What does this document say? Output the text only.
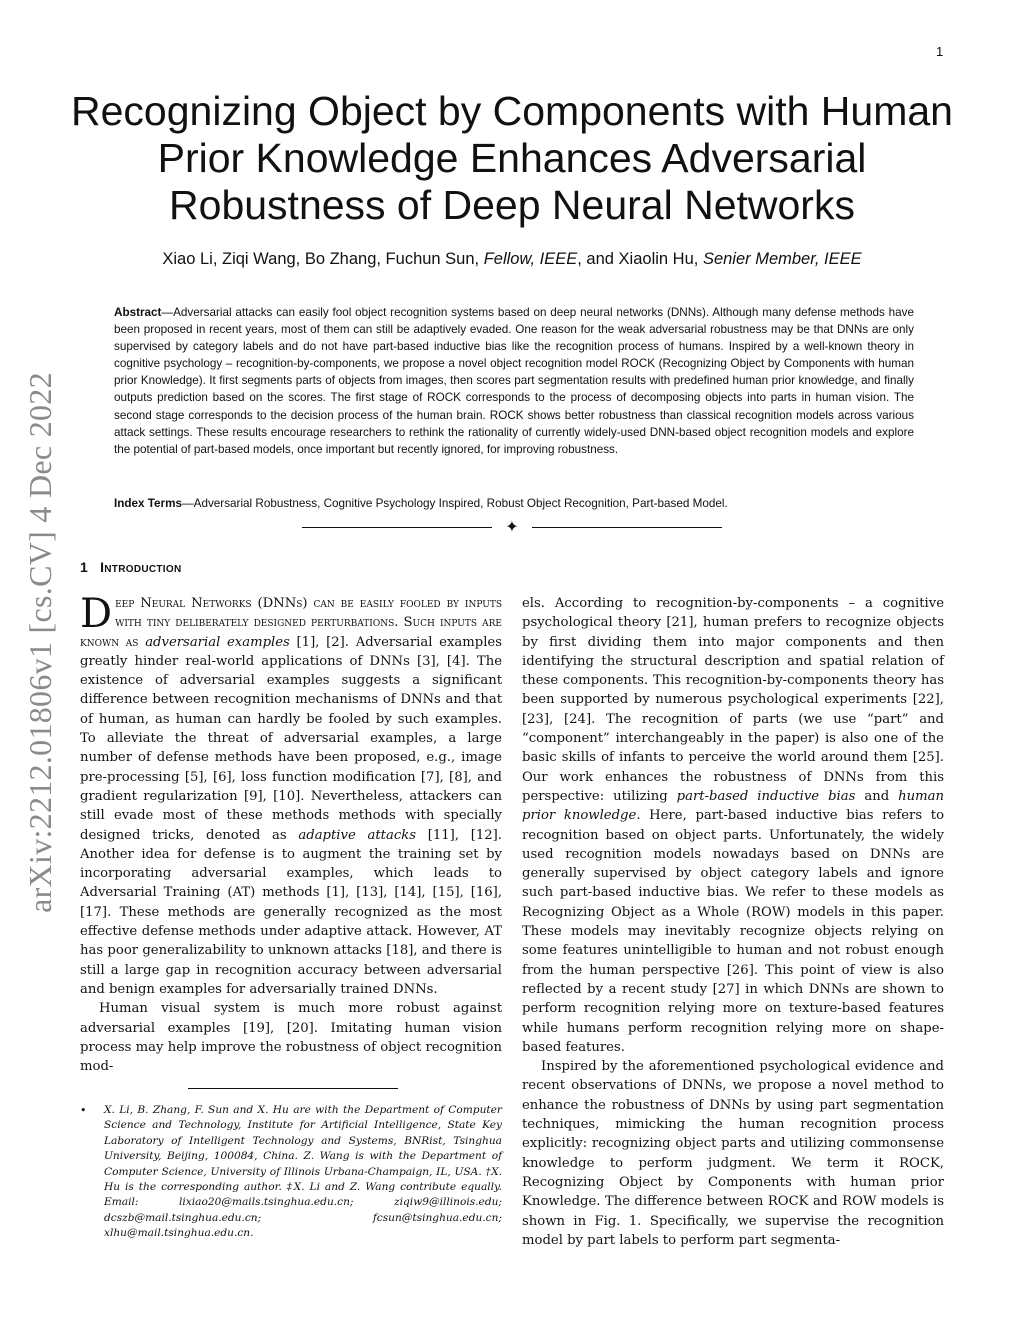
1
arXiv:2212.01806v1 [cs.CV] 4 Dec 2022
Recognizing Object by Components with Human Prior Knowledge Enhances Adversarial Robustness of Deep Neural Networks
Xiao Li, Ziqi Wang, Bo Zhang, Fuchun Sun, Fellow, IEEE, and Xiaolin Hu, Senier Member, IEEE
Abstract—Adversarial attacks can easily fool object recognition systems based on deep neural networks (DNNs). Although many defense methods have been proposed in recent years, most of them can still be adaptively evaded. One reason for the weak adversarial robustness may be that DNNs are only supervised by category labels and do not have part-based inductive bias like the recognition process of humans. Inspired by a well-known theory in cognitive psychology – recognition-by-components, we propose a novel object recognition model ROCK (Recognizing Object by Components with human prior Knowledge). It first segments parts of objects from images, then scores part segmentation results with predefined human prior knowledge, and finally outputs prediction based on the scores. The first stage of ROCK corresponds to the process of decomposing objects into parts in human vision. The second stage corresponds to the decision process of the human brain. ROCK shows better robustness than classical recognition models across various attack settings. These results encourage researchers to rethink the rationality of currently widely-used DNN-based object recognition models and explore the potential of part-based models, once important but recently ignored, for improving robustness.
Index Terms—Adversarial Robustness, Cognitive Psychology Inspired, Robust Object Recognition, Part-based Model.
✦
1 Introduction

Deep Neural Networks (DNNs) can be easily fooled by inputs with tiny deliberately designed perturbations. Such inputs are known as adversarial examples [1], [2]. Adversarial examples greatly hinder real-world applications of DNNs [3], [4]. The existence of adversarial examples suggests a significant difference between recognition mechanisms of DNNs and that of human, as human can hardly be fooled by such examples. To alleviate the threat of adversarial examples, a large number of defense methods have been proposed, e.g., image pre-processing [5], [6], loss function modification [7], [8], and gradient regularization [9], [10]. Nevertheless, attackers can still evade most of these methods methods with specially designed tricks, denoted as adaptive attacks [11], [12]. Another idea for defense is to augment the training set by incorporating adversarial examples, which leads to Adversarial Training (AT) methods [1], [13], [14], [15], [16], [17]. These methods are generally recognized as the most effective defense methods under adaptive attack. However, AT has poor generalizability to unknown attacks [18], and there is still a large gap in recognition accuracy between adversarial and benign examples for adversarially trained DNNs.

Human visual system is much more robust against adversarial examples [19], [20]. Imitating human vision process may help improve the robustness of object recognition mod-

• X. Li, B. Zhang, F. Sun and X. Hu are with the Department of Computer Science and Technology, Institute for Artificial Intelligence, State Key Laboratory of Intelligent Technology and Systems, BNRist, Tsinghua University, Beijing, 100084, China. Z. Wang is with the Department of Computer Science, University of Illinois Urbana-Champaign, IL, USA. †X. Hu is the corresponding author. ‡X. Li and Z. Wang contribute equally. Email: lixiao20@mails.tsinghua.edu.cn; ziqiw9@illinois.edu; dcszb@mail.tsinghua.edu.cn; fcsun@tsinghua.edu.cn; xlhu@mail.tsinghua.edu.cn.

els. According to recognition-by-components – a cognitive psychological theory [21], human prefers to recognize objects by first dividing them into major components and then identifying the structural description and spatial relation of these components. This recognition-by-components theory has been supported by numerous psychological experiments [22], [23], [24]. The recognition of parts (we use “part” and “component” interchangeably in the paper) is also one of the basic skills of infants to perceive the world around them [25]. Our work enhances the robustness of DNNs from this perspective: utilizing part-based inductive bias and human prior knowledge. Here, part-based inductive bias refers to recognition based on object parts. Unfortunately, the widely used recognition models nowadays based on DNNs are generally supervised by object category labels and ignore such part-based inductive bias. We refer to these models as Recognizing Object as a Whole (ROW) models in this paper. These models may inevitably recognize objects relying on some features unintelligible to human and not robust enough from the human perspective [26]. This point of view is also reflected by a recent study [27] in which DNNs are shown to perform recognition relying more on texture-based features while humans perform recognition relying more on shape-based features.

Inspired by the aforementioned psychological evidence and recent observations of DNNs, we propose a novel method to enhance the robustness of DNNs by using part segmentation techniques, mimicking the human recognition process explicitly: recognizing object parts and utilizing commonsense knowledge to perform judgment. We term it ROCK, Recognizing Object by Components with human prior Knowledge. The difference between ROCK and ROW models is shown in Fig. 1. Specifically, we supervise the recognition model by part labels to perform part segmenta-
